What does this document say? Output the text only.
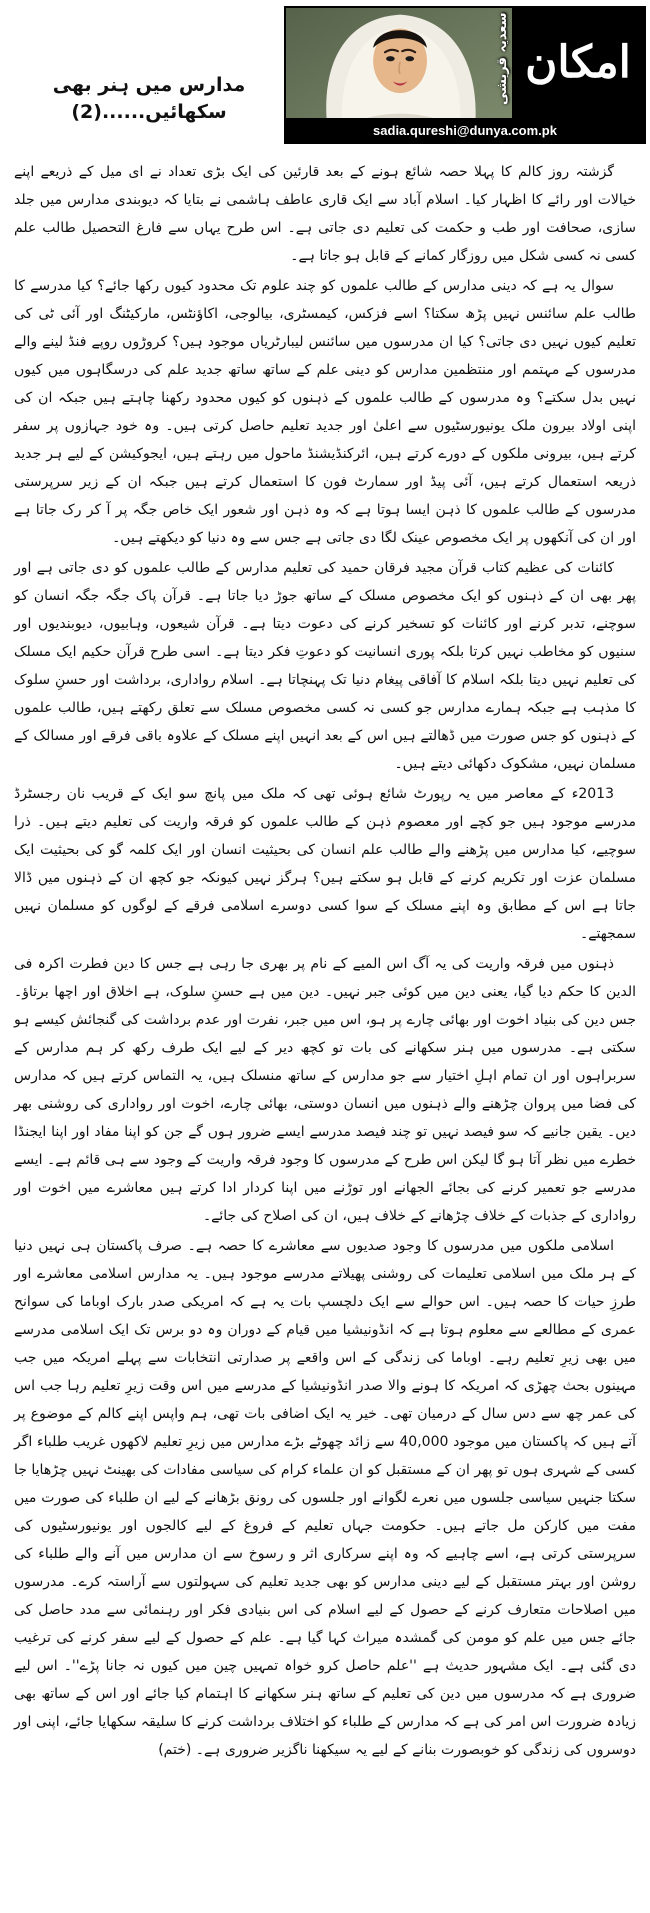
مدارس میں ہنر بھی سکھائیں......(2)
امکان
سعدیہ قریشی
sadia.qureshi@dunya.com.pk

گزشتہ روز کالم کا پہلا حصہ شائع ہونے کے بعد قارئین کی ایک بڑی تعداد نے ای میل کے ذریعے اپنے خیالات اور رائے کا اظہار کیا۔ اسلام آباد سے ایک قاری عاطف ہاشمی نے بتایا کہ دیوبندی مدارس میں جلد سازی، صحافت اور طب و حکمت کی تعلیم دی جاتی ہے۔ اس طرح یہاں سے فارغ التحصیل طالب علم کسی نہ کسی شکل میں روزگار کمانے کے قابل ہو جاتا ہے۔

سوال یہ ہے کہ دینی مدارس کے طالب علموں کو چند علوم تک محدود کیوں رکھا جائے؟ کیا مدرسے کا طالب علم سائنس نہیں پڑھ سکتا؟ اسے فزکس، کیمسٹری، بیالوجی، اکاؤنٹس، مارکیٹنگ اور آئی ٹی کی تعلیم کیوں نہیں دی جاتی؟ کیا ان مدرسوں میں سائنس لیبارٹریاں موجود ہیں؟ کروڑوں روپے فنڈ لینے والے مدرسوں کے مہتمم اور منتظمین مدارس کو دینی علم کے ساتھ ساتھ جدید علم کی درسگاہوں میں کیوں نہیں بدل سکتے؟ وہ مدرسوں کے طالب علموں کے ذہنوں کو کیوں محدود رکھنا چاہتے ہیں جبکہ ان کی اپنی اولاد بیرون ملک یونیورسٹیوں سے اعلیٰ اور جدید تعلیم حاصل کرتی ہیں۔ وہ خود جہازوں پر سفر کرتے ہیں، بیرونی ملکوں کے دورے کرتے ہیں، ائرکنڈیشنڈ ماحول میں رہتے ہیں، ایجوکیشن کے لیے ہر جدید ذریعہ استعمال کرتے ہیں، آئی پیڈ اور سمارٹ فون کا استعمال کرتے ہیں جبکہ ان کے زیر سرپرستی مدرسوں کے طالب علموں کا ذہن ایسا ہوتا ہے کہ وہ ذہن اور شعور ایک خاص جگہ پر آ کر رک جاتا ہے اور ان کی آنکھوں پر ایک مخصوص عینک لگا دی جاتی ہے جس سے وہ دنیا کو دیکھتے ہیں۔

کائنات کی عظیم کتاب قرآن مجید فرقان حمید کی تعلیم مدارس کے طالب علموں کو دی جاتی ہے اور پھر بھی ان کے ذہنوں کو ایک مخصوص مسلک کے ساتھ جوڑ دیا جاتا ہے۔ قرآن پاک جگہ جگہ انسان کو سوچنے، تدبر کرنے اور کائنات کو تسخیر کرنے کی دعوت دیتا ہے۔ قرآن شیعوں، وہابیوں، دیوبندیوں اور سنیوں کو مخاطب نہیں کرتا بلکہ پوری انسانیت کو دعوتِ فکر دیتا ہے۔ اسی طرح قرآن حکیم ایک مسلک کی تعلیم نہیں دیتا بلکہ اسلام کا آفاقی پیغام دنیا تک پہنچاتا ہے۔ اسلام رواداری، برداشت اور حسنِ سلوک کا مذہب ہے جبکہ ہمارے مدارس جو کسی نہ کسی مخصوص مسلک سے تعلق رکھتے ہیں، طالب علموں کے ذہنوں کو جس صورت میں ڈھالتے ہیں اس کے بعد انہیں اپنے مسلک کے علاوہ باقی فرقے اور مسالک کے مسلمان نہیں، مشکوک دکھائی دیتے ہیں۔

2013ء کے معاصر میں یہ رپورٹ شائع ہوئی تھی کہ ملک میں پانچ سو ایک کے قریب نان رجسٹرڈ مدرسے موجود ہیں جو کچے اور معصوم ذہن کے طالب علموں کو فرقہ واریت کی تعلیم دیتے ہیں۔ ذرا سوچیے، کیا مدارس میں پڑھنے والے طالب علم انسان کی بحیثیت انسان اور ایک کلمہ گو کی بحیثیت ایک مسلمان عزت اور تکریم کرنے کے قابل ہو سکتے ہیں؟ ہرگز نہیں کیونکہ جو کچھ ان کے ذہنوں میں ڈالا جاتا ہے اس کے مطابق وہ اپنے مسلک کے سوا کسی دوسرے اسلامی فرقے کے لوگوں کو مسلمان نہیں سمجھتے۔

ذہنوں میں فرقہ واریت کی یہ آگ اس المیے کے نام پر بھری جا رہی ہے جس کا دین فطرت اکرہ فی الدین کا حکم دیا گیا، یعنی دین میں کوئی جبر نہیں۔ دین میں ہے حسنِ سلوک، ہے اخلاق اور اچھا برتاؤ۔ جس دین کی بنیاد اخوت اور بھائی چارے پر ہو، اس میں جبر، نفرت اور عدم برداشت کی گنجائش کیسے ہو سکتی ہے۔ مدرسوں میں ہنر سکھانے کی بات تو کچھ دیر کے لیے ایک طرف رکھ کر ہم مدارس کے سربراہوں اور ان تمام اہلِ اختیار سے جو مدارس کے ساتھ منسلک ہیں، یہ التماس کرتے ہیں کہ مدارس کی فضا میں پروان چڑھنے والے ذہنوں میں انسان دوستی، بھائی چارے، اخوت اور رواداری کی روشنی بھر دیں۔ یقین جانیے کہ سو فیصد نہیں تو چند فیصد مدرسے ایسے ضرور ہوں گے جن کو اپنا مفاد اور اپنا ایجنڈا خطرے میں نظر آتا ہو گا لیکن اس طرح کے مدرسوں کا وجود فرقہ واریت کے وجود سے ہی قائم ہے۔ ایسے مدرسے جو تعمیر کرنے کی بجائے الجھانے اور توڑنے میں اپنا کردار ادا کرتے ہیں معاشرے میں اخوت اور رواداری کے جذبات کے خلاف چڑھانے کے خلاف ہیں، ان کی اصلاح کی جائے۔

اسلامی ملکوں میں مدرسوں کا وجود صدیوں سے معاشرے کا حصہ ہے۔ صرف پاکستان ہی نہیں دنیا کے ہر ملک میں اسلامی تعلیمات کی روشنی پھیلاتے مدرسے موجود ہیں۔ یہ مدارس اسلامی معاشرے اور طرزِ حیات کا حصہ ہیں۔ اس حوالے سے ایک دلچسپ بات یہ ہے کہ امریکی صدر بارک اوباما کی سوانح عمری کے مطالعے سے معلوم ہوتا ہے کہ انڈونیشیا میں قیام کے دوران وہ دو برس تک ایک اسلامی مدرسے میں بھی زیرِ تعلیم رہے۔ اوباما کی زندگی کے اس واقعے پر صدارتی انتخابات سے پہلے امریکہ میں جب مہینوں بحث چھڑی کہ امریکہ کا ہونے والا صدر انڈونیشیا کے مدرسے میں اس وقت زیرِ تعلیم رہا جب اس کی عمر چھ سے دس سال کے درمیان تھی۔ خیر یہ ایک اضافی بات تھی، ہم واپس اپنے کالم کے موضوع پر آتے ہیں کہ پاکستان میں موجود 40,000 سے زائد چھوٹے بڑے مدارس میں زیرِ تعلیم لاکھوں غریب طلباء اگر کسی کے شہری ہوں تو پھر ان کے مستقبل کو ان علماء کرام کی سیاسی مفادات کی بھینٹ نہیں چڑھایا جا سکتا جنہیں سیاسی جلسوں میں نعرے لگوانے اور جلسوں کی رونق بڑھانے کے لیے ان طلباء کی صورت میں مفت میں کارکن مل جاتے ہیں۔ حکومت جہاں تعلیم کے فروغ کے لیے کالجوں اور یونیورسٹیوں کی سرپرستی کرتی ہے، اسے چاہیے کہ وہ اپنے سرکاری اثر و رسوخ سے ان مدارس میں آنے والے طلباء کی روشن اور بہتر مستقبل کے لیے دینی مدارس کو بھی جدید تعلیم کی سہولتوں سے آراستہ کرے۔ مدرسوں میں اصلاحات متعارف کرنے کے حصول کے لیے اسلام کی اس بنیادی فکر اور رہنمائی سے مدد حاصل کی جائے جس میں علم کو مومن کی گمشدہ میراث کہا گیا ہے۔ علم کے حصول کے لیے سفر کرنے کی ترغیب دی گئی ہے۔ ایک مشہور حدیث ہے ''علم حاصل کرو خواہ تمہیں چین میں کیوں نہ جانا پڑے''۔ اس لیے ضروری ہے کہ مدرسوں میں دین کی تعلیم کے ساتھ ہنر سکھانے کا اہتمام کیا جائے اور اس کے ساتھ بھی زیادہ ضرورت اس امر کی ہے کہ مدارس کے طلباء کو اختلاف برداشت کرنے کا سلیقہ سکھایا جائے، اپنی اور دوسروں کی زندگی کو خوبصورت بنانے کے لیے یہ سیکھنا ناگزیر ضروری ہے۔ (ختم)
